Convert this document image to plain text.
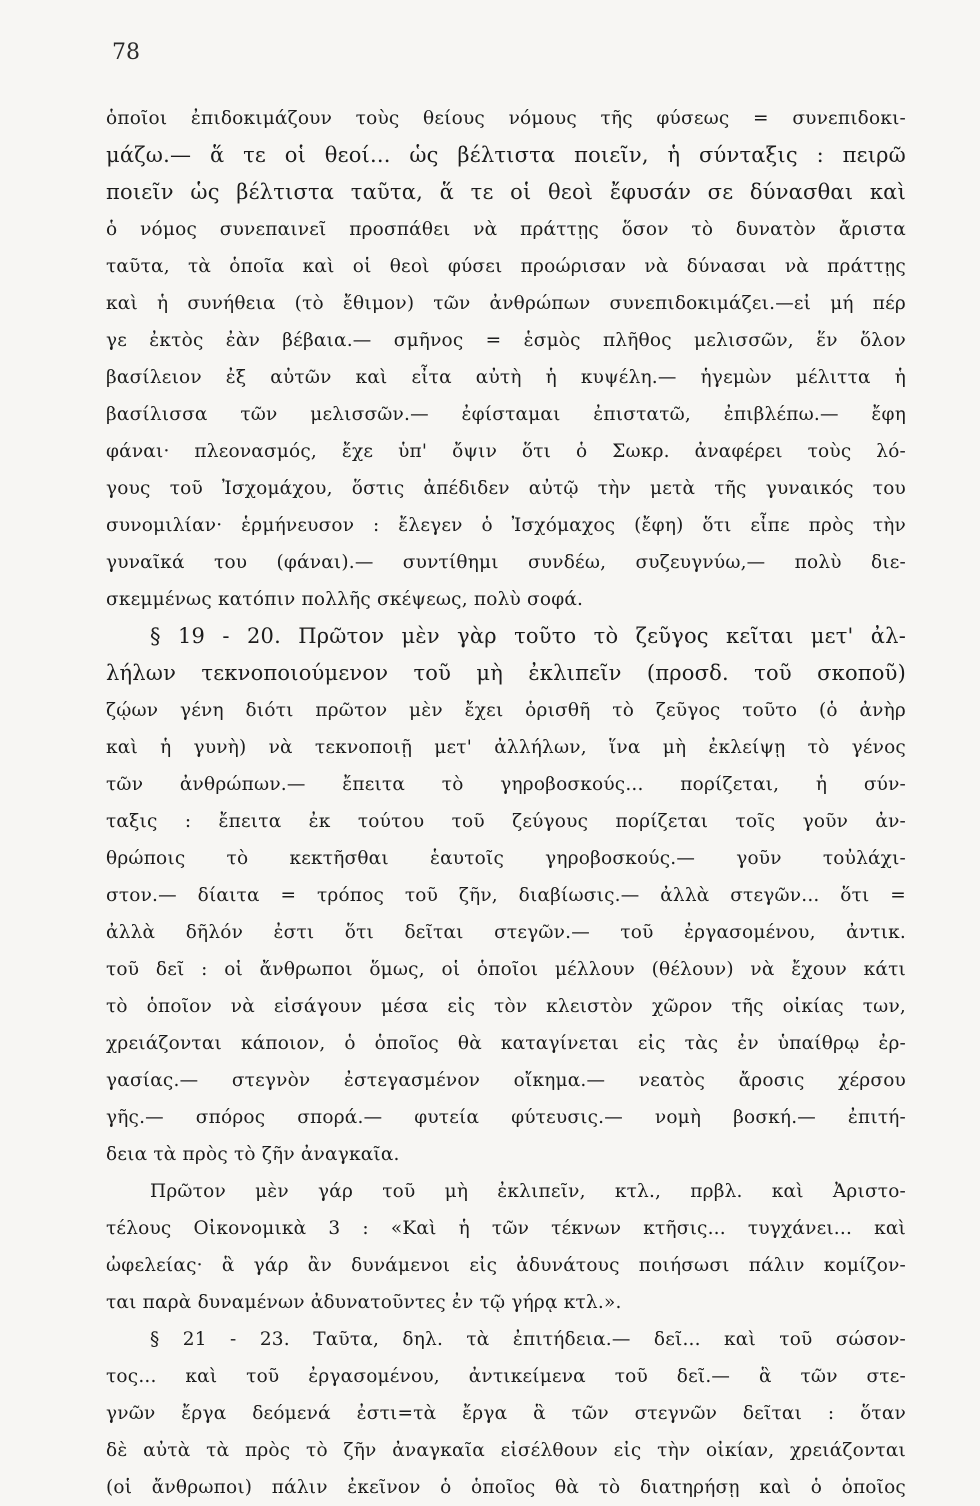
78
ὁποῖοι ἐπιδοκιμάζουν τοὺς θείους νόμους τῆς φύσεως = συνεπιδοκι-
μάζω.— ἅ τε οἱ θεοί... ὡς βέλτιστα ποιεῖν, ἡ σύνταξις : πειρῶ
ποιεῖν ὡς βέλτιστα ταῦτα, ἅ τε οἱ θεοὶ ἔφυσάν σε δύνασθαι καὶ
ὁ νόμος συνεπαινεῖ προσπάθει νὰ πράττῃς ὅσον τὸ δυνατὸν ἄριστα
ταῦτα, τὰ ὁποῖα καὶ οἱ θεοὶ φύσει προώρισαν νὰ δύνασαι νὰ πράττῃς
καὶ ἡ συνήθεια (τὸ ἔθιμον) τῶν ἀνθρώπων συνεπιδοκιμάζει.—εἰ μή πέρ
γε ἐκτὸς ἐὰν βέβαια.— σμῆνος = ἑσμὸς πλῆθος μελισσῶν, ἕν ὅλον
βασίλειον ἐξ αὐτῶν καὶ εἶτα αὐτὴ ἡ κυψέλη.— ἡγεμὼν μέλιττα ἡ
βασίλισσα τῶν μελισσῶν.— ἐφίσταμαι ἐπιστατῶ, ἐπιβλέπω.— ἔφη
φάναι· πλεονασμός, ἔχε ὑπ' ὄψιν ὅτι ὁ Σωκρ. ἀναφέρει τοὺς λό-
γους τοῦ Ἰσχομάχου, ὅστις ἀπέδιδεν αὐτῷ τὴν μετὰ τῆς γυναικός του
συνομιλίαν· ἑρμήνευσον : ἔλεγεν ὁ Ἰσχόμαχος (ἔφη) ὅτι εἶπε πρὸς τὴν
γυναῖκά του (φάναι).— συντίθημι συνδέω, συζευγνύω,— πολὺ διε-
σκεμμένως κατόπιν πολλῆς σκέψεως, πολὺ σοφά.
§ 19 - 20. Πρῶτον μὲν γὰρ τοῦτο τὸ ζεῦγος κεῖται μετ' ἀλ-
λήλων τεκνοποιούμενον τοῦ μὴ ἐκλιπεῖν (προσδ. τοῦ σκοποῦ)
ζῴων γένη διότι πρῶτον μὲν ἔχει ὁρισθῆ τὸ ζεῦγος τοῦτο (ὁ ἀνὴρ
καὶ ἡ γυνὴ) νὰ τεκνοποιῇ μετ' ἀλλήλων, ἵνα μὴ ἐκλείψῃ τὸ γένος
τῶν ἀνθρώπων.— ἔπειτα τὸ γηροβοσκούς... πορίζεται, ἡ σύν-
ταξις : ἔπειτα ἐκ τούτου τοῦ ζεύγους πορίζεται τοῖς γοῦν ἀν-
θρώποις τὸ κεκτῆσθαι ἑαυτοῖς γηροβοσκούς.— γοῦν τοὐλάχι-
στον.— δίαιτα = τρόπος τοῦ ζῆν, διαβίωσις.— ἀλλὰ στεγῶν... ὅτι =
ἀλλὰ δῆλόν ἐστι ὅτι δεῖται στεγῶν.— τοῦ ἐργασομένου, ἀντικ.
τοῦ δεῖ : οἱ ἄνθρωποι ὅμως, οἱ ὁποῖοι μέλλουν (θέλουν) νὰ ἔχουν κάτι
τὸ ὁποῖον νὰ εἰσάγουν μέσα εἰς τὸν κλειστὸν χῶρον τῆς οἰκίας των,
χρειάζονται κάποιον, ὁ ὁποῖος θὰ καταγίνεται εἰς τὰς ἐν ὑπαίθρῳ ἐρ-
γασίας.— στεγνὸν ἐστεγασμένον οἴκημα.— νεατὸς ἄροσις χέρσου
γῆς.— σπόρος σπορά.— φυτεία φύτευσις.— νομὴ βοσκή.— ἐπιτή-
δεια τὰ πρὸς τὸ ζῆν ἀναγκαῖα.
Πρῶτον μὲν γάρ τοῦ μὴ ἐκλιπεῖν, κτλ., πρβλ. καὶ Ἀριστο-
τέλους Οἰκονομικὰ 3 : «Καὶ ἡ τῶν τέκνων κτῆσις... τυγχάνει... καὶ
ὠφελείας· ἃ γάρ ἂν δυνάμενοι εἰς ἀδυνάτους ποιήσωσι πάλιν κομίζον-
ται παρὰ δυναμένων ἀδυνατοῦντες ἐν τῷ γήρᾳ κτλ.».
§ 21 - 23. Ταῦτα, δηλ. τὰ ἐπιτήδεια.— δεῖ... καὶ τοῦ σώσον-
τος... καὶ τοῦ ἐργασομένου, ἀντικείμενα τοῦ δεῖ.— ἃ τῶν στε-
γνῶν ἔργα δεόμενά ἐστι=τὰ ἔργα ἃ τῶν στεγνῶν δεῖται : ὅταν
δὲ αὐτὰ τὰ πρὸς τὸ ζῆν ἀναγκαῖα εἰσέλθουν εἰς τὴν οἰκίαν, χρειάζονται
(οἱ ἄνθρωποι) πάλιν ἐκεῖνον ὁ ὁποῖος θὰ τὸ διατηρήσῃ καὶ ὁ ὁποῖος
